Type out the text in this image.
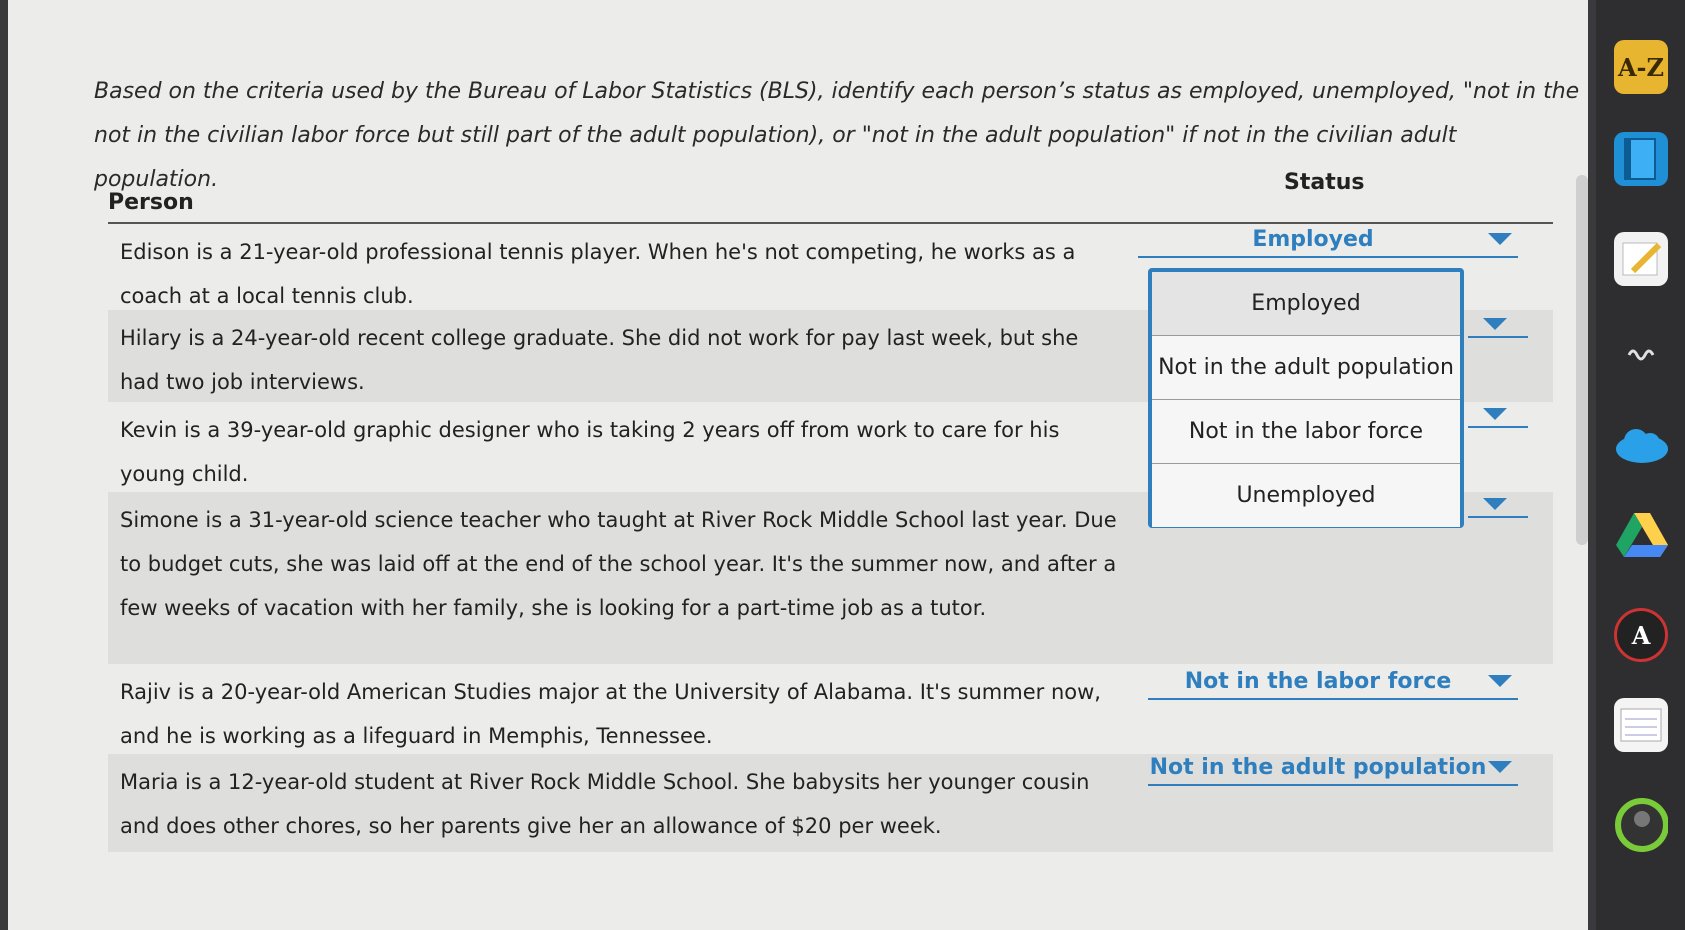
Based on the criteria used by the Bureau of Labor Statistics (BLS), identify each person’s status as employed, unemployed, "not in the
not in the civilian labor force but still part of the adult population), or "not in the adult population" if not in the civilian adult population.
Person
Status
Edison is a 21-year-old professional tennis player. When he's not competing, he works as a coach at a local tennis club.
Hilary is a 24-year-old recent college graduate. She did not work for pay last week, but she had two job interviews.
Kevin is a 39-year-old graphic designer who is taking 2 years off from work to care for his young child.
Simone is a 31-year-old science teacher who taught at River Rock Middle School last year. Due to budget cuts, she was laid off at the end of the school year. It's the summer now, and after a few weeks of vacation with her family, she is looking for a part-time job as a tutor.
Rajiv is a 20-year-old American Studies major at the University of Alabama. It's summer now, and he is working as a lifeguard in Memphis, Tennessee.
Maria is a 12-year-old student at River Rock Middle School. She babysits her younger cousin and does other chores, so her parents give her an allowance of $20 per week.
Employed
Not in the labor force
Not in the adult population
Employed
Not in the adult population
Not in the labor force
Unemployed
A-Z
A
